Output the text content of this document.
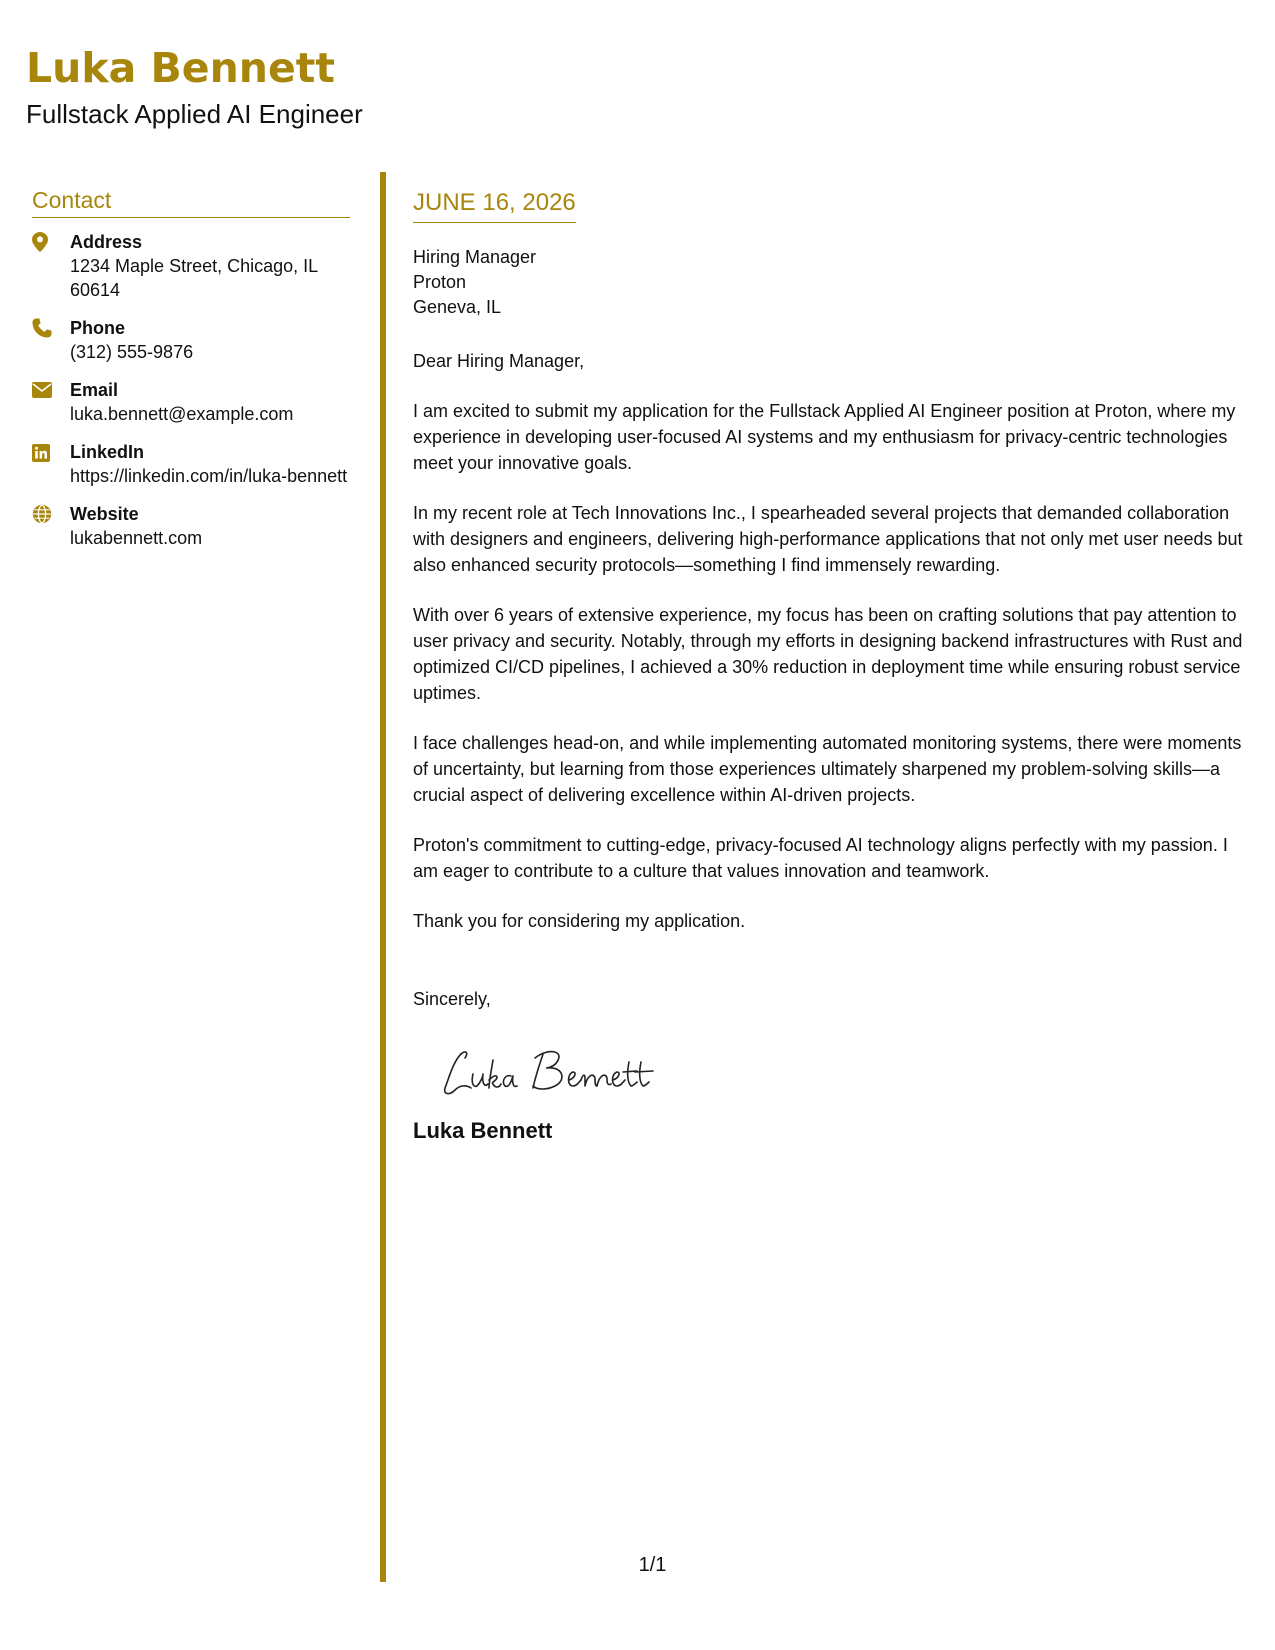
Luka Bennett
Fullstack Applied AI Engineer
Contact
Address
1234 Maple Street, Chicago, IL 60614
Phone
(312) 555-9876
Email
luka.bennett@example.com
LinkedIn
https://linkedin.com/in/luka-bennett
Website
lukabennett.com
JUNE 16, 2026
Hiring Manager
Proton
Geneva, IL
Dear Hiring Manager,
I am excited to submit my application for the Fullstack Applied AI Engineer position at Proton, where my experience in developing user-focused AI systems and my enthusiasm for privacy-centric technologies meet your innovative goals.
In my recent role at Tech Innovations Inc., I spearheaded several projects that demanded collaboration with designers and engineers, delivering high-performance applications that not only met user needs but also enhanced security protocols—something I find immensely rewarding.
With over 6 years of extensive experience, my focus has been on crafting solutions that pay attention to user privacy and security. Notably, through my efforts in designing backend infrastructures with Rust and optimized CI/CD pipelines, I achieved a 30% reduction in deployment time while ensuring robust service uptimes.
I face challenges head-on, and while implementing automated monitoring systems, there were moments of uncertainty, but learning from those experiences ultimately sharpened my problem-solving skills—a crucial aspect of delivering excellence within AI-driven projects.
Proton's commitment to cutting-edge, privacy-focused AI technology aligns perfectly with my passion. I am eager to contribute to a culture that values innovation and teamwork.
Thank you for considering my application.
Sincerely,
Luka Bennett
1/1
